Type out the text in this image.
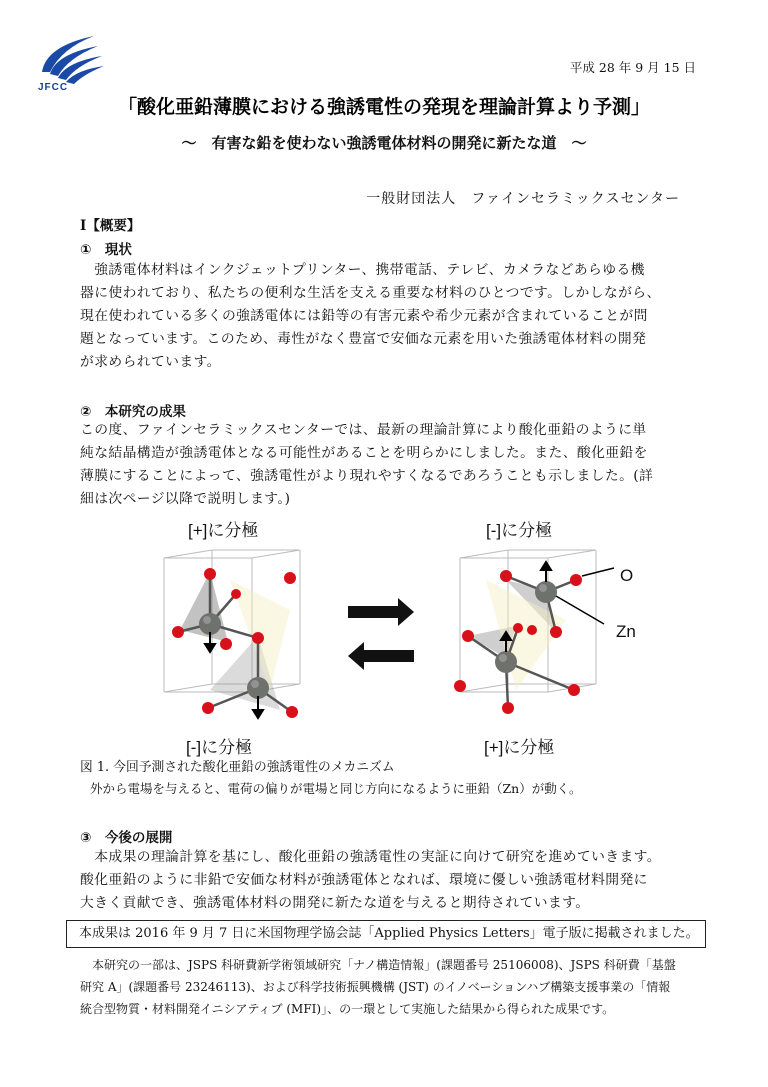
JFCC
平成 28 年 9 月 15 日
「酸化亜鉛薄膜における強誘電性の発現を理論計算より予測」
〜　有害な鉛を使わない強誘電体材料の開発に新たな道　〜
一般財団法人　ファインセラミックスセンター
I【概要】
①　現状

　強誘電体材料はインクジェットプリンター、携帯電話、テレビ、カメラなどあらゆる機

器に使われており、私たちの便利な生活を支える重要な材料のひとつです。しかしながら、

現在使われている多くの強誘電体には鉛等の有害元素や希少元素が含まれていることが問

題となっています。このため、毒性がなく豊富で安価な元素を用いた強誘電体材料の開発

が求められています。

②　本研究の成果

この度、ファインセラミックスセンターでは、最新の理論計算により酸化亜鉛のように単

純な結晶構造が強誘電体となる可能性があることを明らかにしました。また、酸化亜鉛を

薄膜にすることによって、強誘電性がより現れやすくなるであろうことも示しました。(詳

細は次ページ以降で説明します。)

[+]に分極	[-]に分極
[-]に分極	[+]に分極
O
Zn
図 1. 今回予測された酸化亜鉛の強誘電性のメカニズム
外から電場を与えると、電荷の偏りが電場と同じ方向になるように亜鉛（Zn）が動く。
③　今後の展開

　本成果の理論計算を基にし、酸化亜鉛の強誘電性の実証に向けて研究を進めていきます。

酸化亜鉛のように非鉛で安価な材料が強誘電体となれば、環境に優しい強誘電材料開発に

大きく貢献でき、強誘電体材料の開発に新たな道を与えると期待されています。

本成果は 2016 年 9 月 7 日に米国物理学協会誌「Applied Physics Letters」電子版に掲載されました。
　本研究の一部は、JSPS 科研費新学術領域研究「ナノ構造情報」(課題番号 25106008)、JSPS 科研費「基盤
研究 A」(課題番号 23246113)、および科学技術振興機構 (JST) のイノベーションハブ構築支援事業の「情報
統合型物質・材料開発イニシアティブ (MFI)」、の一環として実施した結果から得られた成果です。
